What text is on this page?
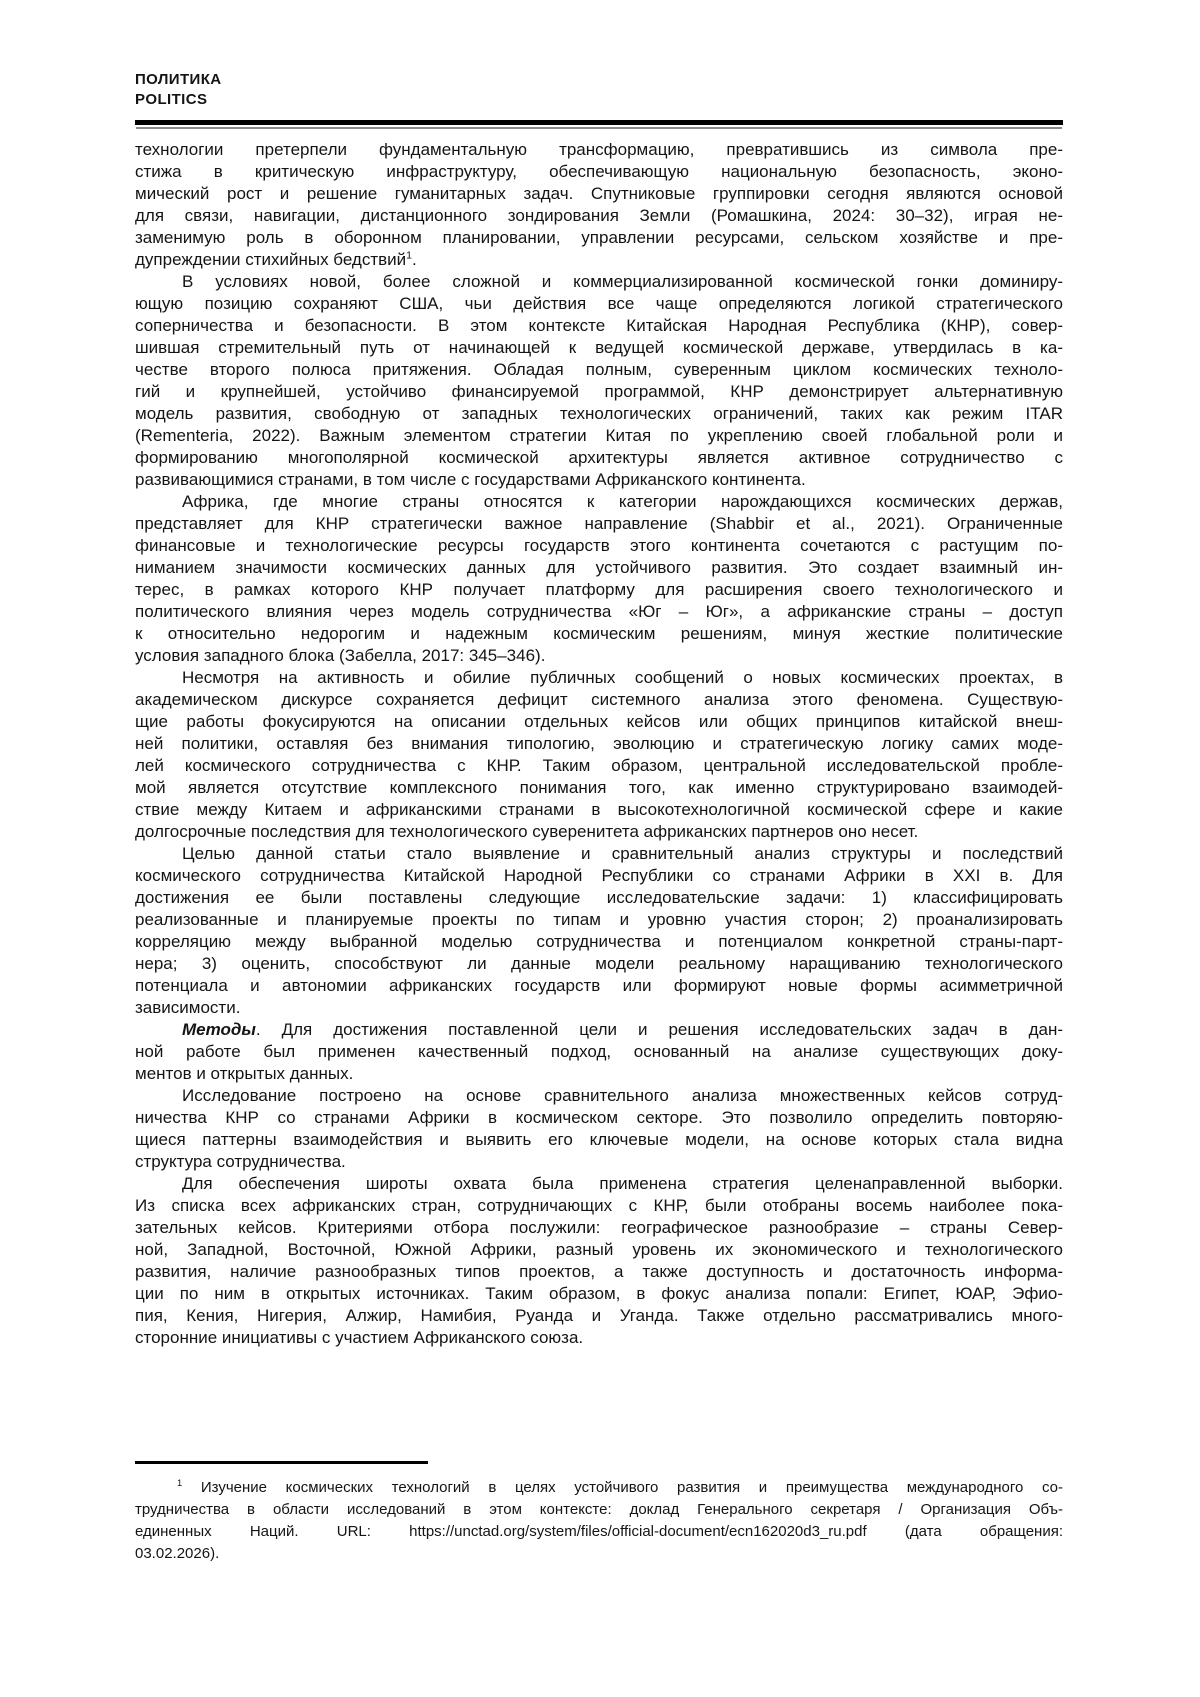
ПОЛИТИКА
POLITICS
технологии претерпели фундаментальную трансформацию, превратившись из символа пре-
стижа в критическую инфраструктуру, обеспечивающую национальную безопасность, эконо-
мический рост и решение гуманитарных задач. Спутниковые группировки сегодня являются основой
для связи, навигации, дистанционного зондирования Земли (Ромашкина, 2024: 30–32), играя не-
заменимую роль в оборонном планировании, управлении ресурсами, сельском хозяйстве и пре-
дупреждении стихийных бедствий$^1$.
В условиях новой, более сложной и коммерциализированной космической гонки доминиру-
ющую позицию сохраняют США, чьи действия все чаще определяются логикой стратегического
соперничества и безопасности. В этом контексте Китайская Народная Республика (КНР), совер-
шившая стремительный путь от начинающей к ведущей космической державе, утвердилась в ка-
честве второго полюса притяжения. Обладая полным, суверенным циклом космических техноло-
гий и крупнейшей, устойчиво финансируемой программой, КНР демонстрирует альтернативную
модель развития, свободную от западных технологических ограничений, таких как режим ITAR
(Rementeria, 2022). Важным элементом стратегии Китая по укреплению своей глобальной роли и
формированию многополярной космической архитектуры является активное сотрудничество с
развивающимися странами, в том числе с государствами Африканского континента.
Африка, где многие страны относятся к категории нарождающихся космических держав,
представляет для КНР стратегически важное направление (Shabbir et al., 2021). Ограниченные
финансовые и технологические ресурсы государств этого континента сочетаются с растущим по-
ниманием значимости космических данных для устойчивого развития. Это создает взаимный ин-
терес, в рамках которого КНР получает платформу для расширения своего технологического и
политического влияния через модель сотрудничества «Юг – Юг», а африканские страны – доступ
к относительно недорогим и надежным космическим решениям, минуя жесткие политические
условия западного блока (Забелла, 2017: 345–346).
Несмотря на активность и обилие публичных сообщений о новых космических проектах, в
академическом дискурсе сохраняется дефицит системного анализа этого феномена. Существую-
щие работы фокусируются на описании отдельных кейсов или общих принципов китайской внеш-
ней политики, оставляя без внимания типологию, эволюцию и стратегическую логику самих моде-
лей космического сотрудничества с КНР. Таким образом, центральной исследовательской пробле-
мой является отсутствие комплексного понимания того, как именно структурировано взаимодей-
ствие между Китаем и африканскими странами в высокотехнологичной космической сфере и какие
долгосрочные последствия для технологического суверенитета африканских партнеров оно несет.
Целью данной статьи стало выявление и сравнительный анализ структуры и последствий
космического сотрудничества Китайской Народной Республики со странами Африки в XXI в. Для
достижения ее были поставлены следующие исследовательские задачи: 1) классифицировать
реализованные и планируемые проекты по типам и уровню участия сторон; 2) проанализировать
корреляцию между выбранной моделью сотрудничества и потенциалом конкретной страны-парт-
нера; 3) оценить, способствуют ли данные модели реальному наращиванию технологического
потенциала и автономии африканских государств или формируют новые формы асимметричной
зависимости.
Методы. Для достижения поставленной цели и решения исследовательских задач в дан-
ной работе был применен качественный подход, основанный на анализе существующих доку-
ментов и открытых данных.
Исследование построено на основе сравнительного анализа множественных кейсов сотруд-
ничества КНР со странами Африки в космическом секторе. Это позволило определить повторяю-
щиеся паттерны взаимодействия и выявить его ключевые модели, на основе которых стала видна
структура сотрудничества.
Для обеспечения широты охвата была применена стратегия целенаправленной выборки.
Из списка всех африканских стран, сотрудничающих с КНР, были отобраны восемь наиболее пока-
зательных кейсов. Критериями отбора послужили: географическое разнообразие – страны Север-
ной, Западной, Восточной, Южной Африки, разный уровень их экономического и технологического
развития, наличие разнообразных типов проектов, а также доступность и достаточность информа-
ции по ним в открытых источниках. Таким образом, в фокус анализа попали: Египет, ЮАР, Эфио-
пия, Кения, Нигерия, Алжир, Намибия, Руанда и Уганда. Также отдельно рассматривались много-
сторонние инициативы с участием Африканского союза.
$^1$ Изучение космических технологий в целях устойчивого развития и преимущества международного со-
трудничества в области исследований в этом контексте: доклад Генерального секретаря / Организация Объ-
единенных Наций. URL: https://unctad.org/system/files/official-document/ecn162020d3_ru.pdf (дата обращения:
03.02.2026).
